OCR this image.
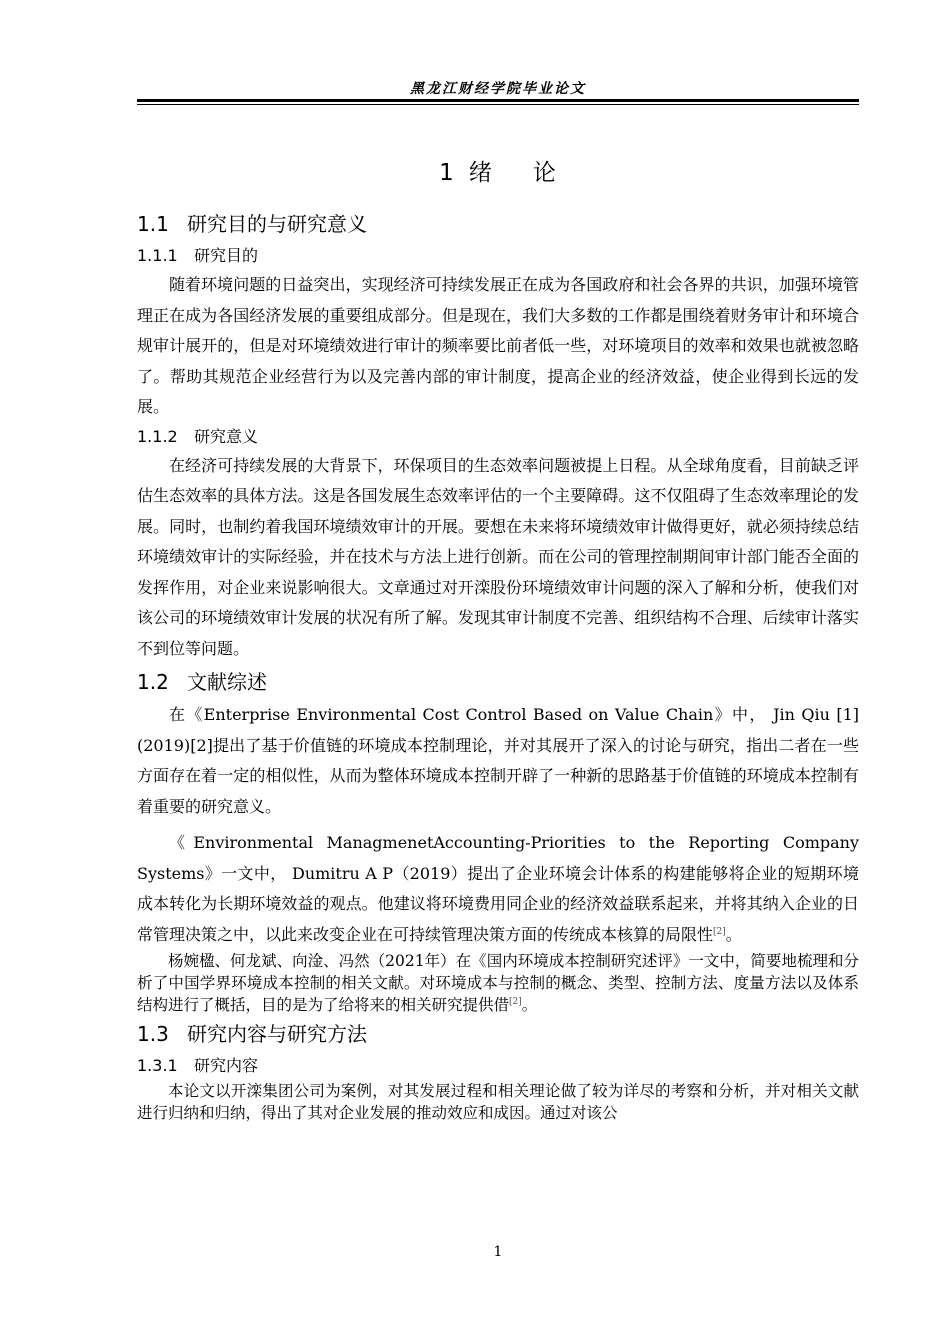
黑龙江财经学院毕业论文
1 绪 论
1.1 研究目的与研究意义
1.1.1 研究目的

随着环境问题的日益突出，实现经济可持续发展正在成为各国政府和社会各界的共识，加强环境管理正在成为各国经济发展的重要组成部分。但是现在，我们大多数的工作都是围绕着财务审计和环境合规审计展开的，但是对环境绩效进行审计的频率要比前者低一些，对环境项目的效率和效果也就被忽略了。帮助其规范企业经营行为以及完善内部的审计制度，提高企业的经济效益，使企业得到长远的发展。

1.1.2 研究意义

在经济可持续发展的大背景下，环保项目的生态效率问题被提上日程。从全球角度看，目前缺乏评估生态效率的具体方法。这是各国发展生态效率评估的一个主要障碍。这不仅阻碍了生态效率理论的发展。同时，也制约着我国环境绩效审计的开展。要想在未来将环境绩效审计做得更好，就必须持续总结环境绩效审计的实际经验，并在技术与方法上进行创新。而在公司的管理控制期间审计部门能否全面的发挥作用，对企业来说影响很大。文章通过对开滦股份环境绩效审计问题的深入了解和分析，使我们对该公司的环境绩效审计发展的状况有所了解。发现其审计制度不完善、组织结构不合理、后续审计落实不到位等问题。

1.2 文献综述

在《Enterprise Environmental Cost Control Based on Value Chain》中， Jin Qiu [1](2019)[2]提出了基于价值链的环境成本控制理论，并对其展开了深入的讨论与研究，指出二者在一些方面存在着一定的相似性，从而为整体环境成本控制开辟了一种新的思路基于价值链的环境成本控制有着重要的研究意义。

《Environmental ManagmenetAccounting-Priorities to the Reporting Company Systems》一文中， Dumitru A P（2019）提出了企业环境会计体系的构建能够将企业的短期环境成本转化为长期环境效益的观点。他建议将环境费用同企业的经济效益联系起来，并将其纳入企业的日常管理决策之中，以此来改变企业在可持续管理决策方面的传统成本核算的局限性[2]。

杨婉楹、何龙斌、向淦、冯然（2021年）在《国内环境成本控制研究述评》一文中，简要地梳理和分析了中国学界环境成本控制的相关文献。对环境成本与控制的概念、类型、控制方法、度量方法以及体系结构进行了概括，目的是为了给将来的相关研究提供借[2]。

1.3 研究内容与研究方法
1.3.1 研究内容

本论文以开滦集团公司为案例，对其发展过程和相关理论做了较为详尽的考察和分析，并对相关文献进行归纳和归纳，得出了其对企业发展的推动效应和成因。通过对该公

1
